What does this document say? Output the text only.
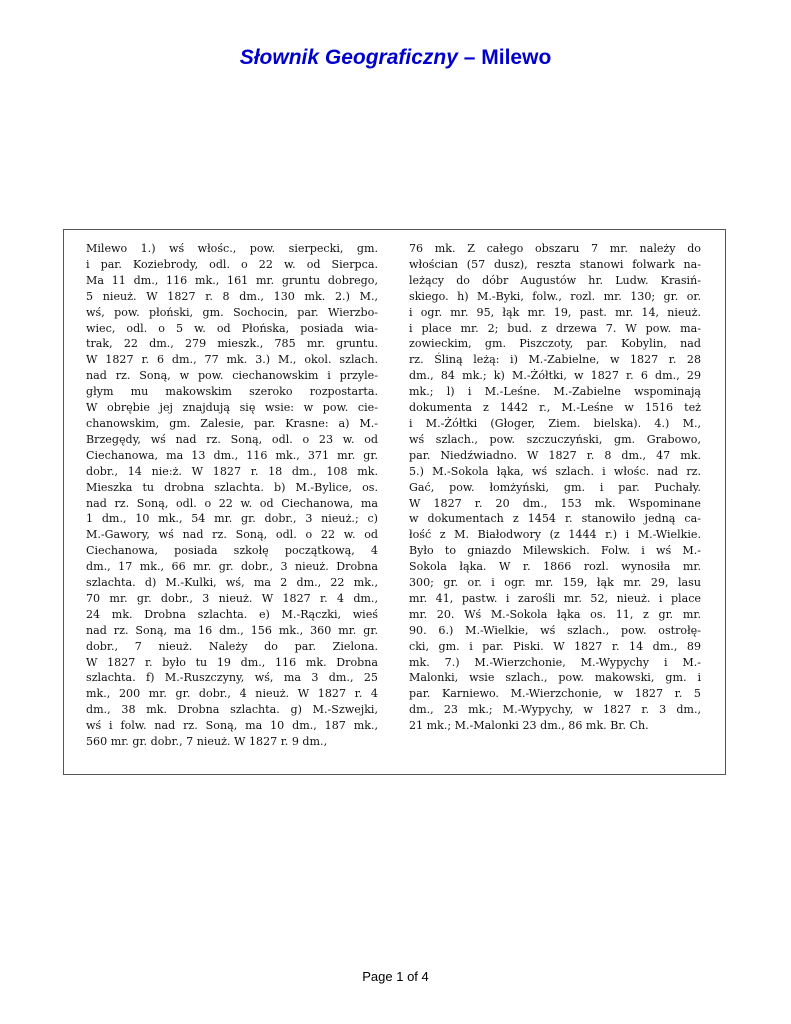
Słownik Geograficzny – Milewo
Milewo 1.) wś włośc., pow. sierpecki, gm.
i par. Koziebrody, odl. o 22 w. od Sierpca.
Ma 11 dm., 116 mk., 161 mr. gruntu dobrego,
5 nieuż. W 1827 r. 8 dm., 130 mk. 2.) M.,
wś, pow. płoński, gm. Sochocin, par. Wierzbo-
wiec, odl. o 5 w. od Płońska, posiada wia-
trak, 22 dm., 279 mieszk., 785 mr. gruntu.
W 1827 r. 6 dm., 77 mk. 3.) M., okol. szlach.
nad rz. Soną, w pow. ciechanowskim i przyle-
głym mu makowskim szeroko rozpostarta.
W obrębie jej znajdują się wsie: w pow. cie-
chanowskim, gm. Zalesie, par. Krasne: a) M.-
Brzegędy, wś nad rz. Soną, odl. o 23 w. od
Ciechanowa, ma 13 dm., 116 mk., 371 mr. gr.
dobr., 14 nie:ż. W 1827 r. 18 dm., 108 mk.
Mieszka tu drobna szlachta. b) M.-Bylice, os.
nad rz. Soną, odl. o 22 w. od Ciechanowa, ma
1 dm., 10 mk., 54 mr. gr. dobr., 3 nieuż.; c)
M.-Gawory, wś nad rz. Soną, odl. o 22 w. od
Ciechanowa, posiada szkołę początkową, 4
dm., 17 mk., 66 mr. gr. dobr., 3 nieuż. Drobna
szlachta. d) M.-Kulki, wś, ma 2 dm., 22 mk.,
70 mr. gr. dobr., 3 nieuż. W 1827 r. 4 dm.,
24 mk. Drobna szlachta. e) M.-Rączki, wieś
nad rz. Soną, ma 16 dm., 156 mk., 360 mr. gr.
dobr., 7 nieuż. Należy do par. Zielona.
W 1827 r. było tu 19 dm., 116 mk. Drobna
szlachta. f) M.-Ruszczyny, wś, ma 3 dm., 25
mk., 200 mr. gr. dobr., 4 nieuż. W 1827 r. 4
dm., 38 mk. Drobna szlachta. g) M.-Szwejki,
wś i folw. nad rz. Soną, ma 10 dm., 187 mk.,
560 mr. gr. dobr., 7 nieuż. W 1827 r. 9 dm.,
76 mk. Z całego obszaru 7 mr. należy do
włościan (57 dusz), reszta stanowi folwark na-
leżący do dóbr Augustów hr. Ludw. Krasiń-
skiego. h) M.-Byki, folw., rozl. mr. 130; gr. or.
i ogr. mr. 95, łąk mr. 19, past. mr. 14, nieuż.
i place mr. 2; bud. z drzewa 7. W pow. ma-
zowieckim, gm. Piszczoty, par. Kobylin, nad
rz. Śliną leżą: i) M.-Zabielne, w 1827 r. 28
dm., 84 mk.; k) M.-Żółtki, w 1827 r. 6 dm., 29
mk.; l) i M.-Leśne. M.-Zabielne wspominają
dokumenta z 1442 r., M.-Leśne w 1516 też
i M.-Żółtki (Głoger, Ziem. bielska). 4.) M.,
wś szlach., pow. szczuczyński, gm. Grabowo,
par. Niedźwiadno. W 1827 r. 8 dm., 47 mk.
5.) M.-Sokola łąka, wś szlach. i włośc. nad rz.
Gać, pow. łomżyński, gm. i par. Puchały.
W 1827 r. 20 dm., 153 mk. Wspominane
w dokumentach z 1454 r. stanowiło jedną ca-
łość z M. Białodwory (z 1444 r.) i M.-Wielkie.
Było to gniazdo Milewskich. Folw. i wś M.-
Sokola łąka. W r. 1866 rozl. wynosiła mr.
300; gr. or. i ogr. mr. 159, łąk mr. 29, lasu
mr. 41, pastw. i zarośli mr. 52, nieuż. i place
mr. 20. Wś M.-Sokola łąka os. 11, z gr. mr.
90. 6.) M.-Wielkie, wś szlach., pow. ostrołę-
cki, gm. i par. Piski. W 1827 r. 14 dm., 89
mk. 7.) M.-Wierzchonie, M.-Wypychy i M.-
Malonki, wsie szlach., pow. makowski, gm. i
par. Karniewo. M.-Wierzchonie, w 1827 r. 5
dm., 23 mk.; M.-Wypychy, w 1827 r. 3 dm.,
21 mk.; M.-Malonki 23 dm., 86 mk. Br. Ch.
Page 1 of 4
